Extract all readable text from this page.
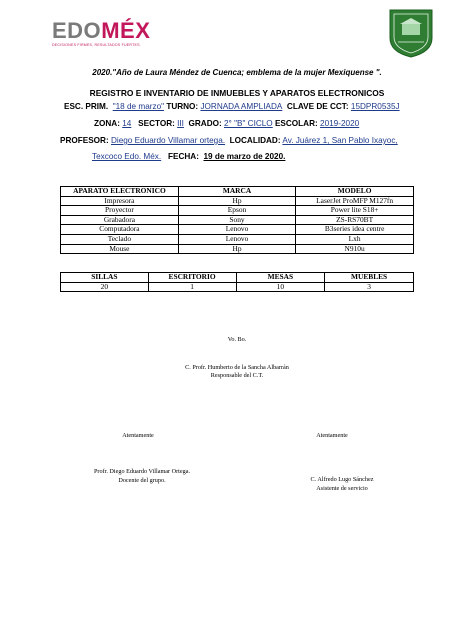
EDOMÉX
DECISIONES FIRMES, RESULTADOS FUERTES.
2020."Año de Laura Méndez de Cuenca; emblema de la mujer Mexiquense ".
REGISTRO E INVENTARIO DE INMUEBLES Y APARATOS ELECTRONICOS
ESC. PRIM. "18 de marzo" TURNO: JORNADA AMPLIADA CLAVE DE CCT: 15DPR0535J
ZONA: 14 SECTOR: III GRADO: 2° "B" CICLO ESCOLAR: 2019-2020
PROFESOR: Diego Eduardo Villamar ortega. LOCALIDAD: Av. Juárez 1, San Pablo Ixayoc,
Texcoco Edo. Méx. FECHA: 19 de marzo de 2020.
APARATO ELECTRONICO	MARCA	MODELO
Impresora	Hp	LaserJet ProMFP M127fn
Proyector	Epson	Power lite S18+
Grabadora	Sony	ZS-RS70BT
Computadora	Lenovo	B3series idea centre
Teclado	Lenovo	Lxh
Mouse	Hp	N910u
SILLAS	ESCRITORIO	MESAS	MUEBLES
20	1	10	3
Vo. Bo.
C. Profr. Humberto de la Sancha Albarrán
Responsable del C.T.
Atentamente	Atentamente
Profr. Diego Eduardo Villamar Ortega.
Docente del grupo.	C. Alfredo Lugo Sánchez
Asistente de servicio
